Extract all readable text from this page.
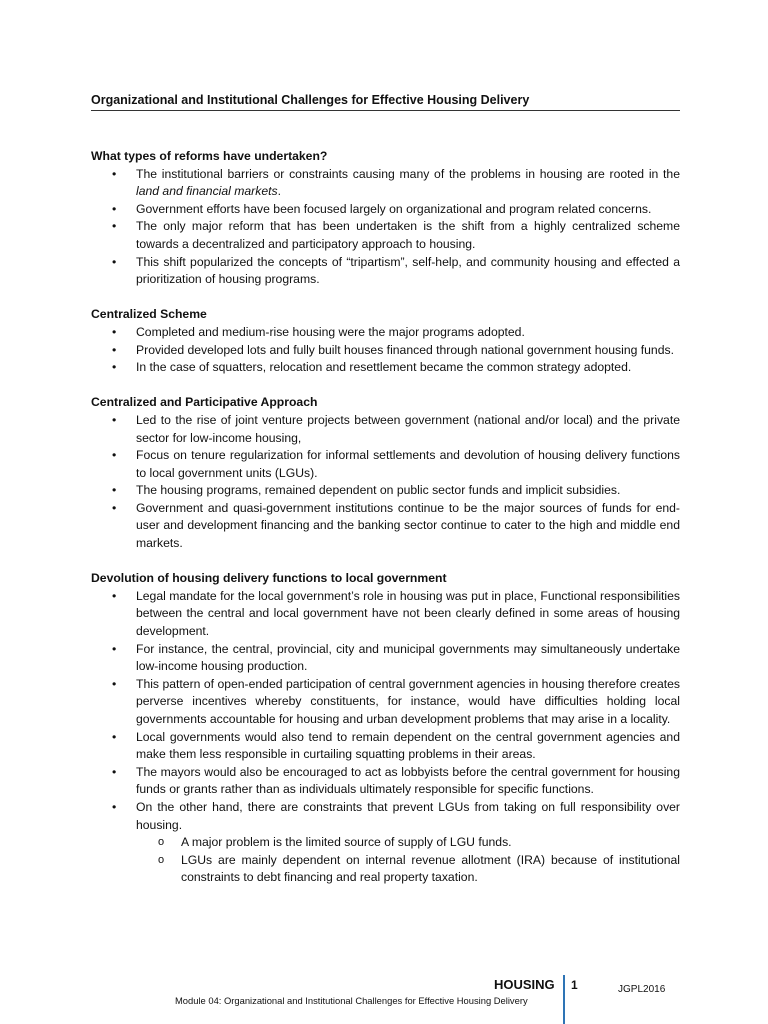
Organizational and Institutional Challenges for Effective Housing Delivery
What types of reforms have undertaken?
• The institutional barriers or constraints causing many of the problems in housing are rooted in the land and financial markets.
• Government efforts have been focused largely on organizational and program related concerns.
• The only major reform that has been undertaken is the shift from a highly centralized scheme towards a decentralized and participatory approach to housing.
• This shift popularized the concepts of “tripartism”, self-help, and community housing and effected a prioritization of housing programs.
Centralized Scheme
• Completed and medium-rise housing were the major programs adopted.
• Provided developed lots and fully built houses financed through national government housing funds.
• In the case of squatters, relocation and resettlement became the common strategy adopted.
Centralized and Participative Approach
• Led to the rise of joint venture projects between government (national and/or local) and the private sector for low-income housing,
• Focus on tenure regularization for informal settlements and devolution of housing delivery functions to local government units (LGUs).
• The housing programs, remained dependent on public sector funds and implicit subsidies.
• Government and quasi-government institutions continue to be the major sources of funds for end-user and development financing and the banking sector continue to cater to the high and middle end markets.
Devolution of housing delivery functions to local government
• Legal mandate for the local government’s role in housing was put in place, Functional responsibilities between the central and local government have not been clearly defined in some areas of housing development.
• For instance, the central, provincial, city and municipal governments may simultaneously undertake low-income housing production.
• This pattern of open-ended participation of central government agencies in housing therefore creates perverse incentives whereby constituents, for instance, would have difficulties holding local governments accountable for housing and urban development problems that may arise in a locality.
• Local governments would also tend to remain dependent on the central government agencies and make them less responsible in curtailing squatting problems in their areas.
• The mayors would also be encouraged to act as lobbyists before the central government for housing funds or grants rather than as individuals ultimately responsible for specific functions.
• On the other hand, there are constraints that prevent LGUs from taking on full responsibility over housing.
o A major problem is the limited source of supply of LGU funds.
o LGUs are mainly dependent on internal revenue allotment (IRA) because of institutional constraints to debt financing and real property taxation.
HOUSING 1	JGPL2016
Module 04: Organizational and Institutional Challenges for Effective Housing Delivery
